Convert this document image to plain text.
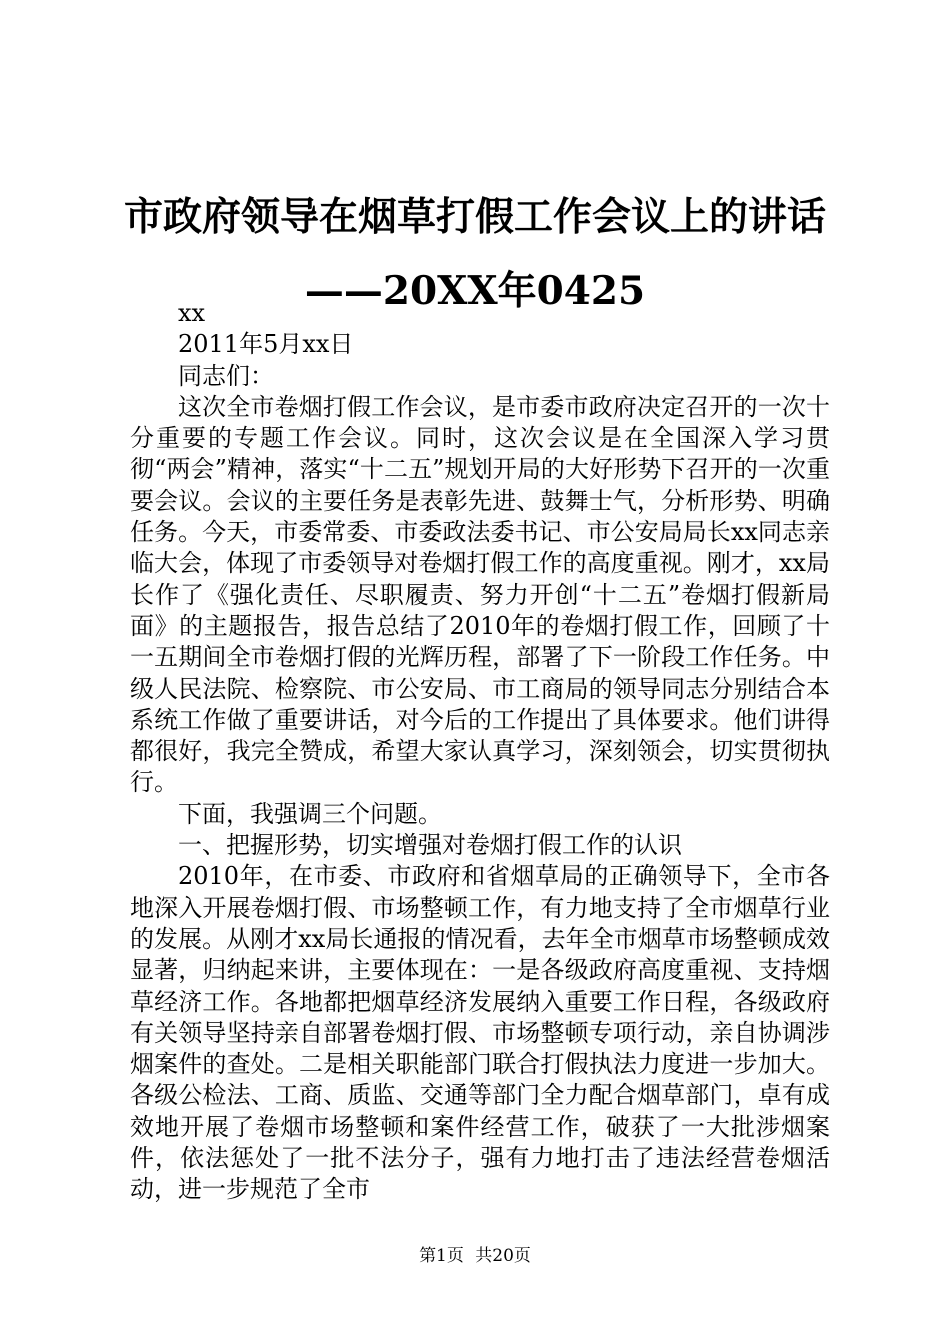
市政府领导在烟草打假工作会议上的讲话——20XX年0425

xx

2011年5月xx日

同志们：

这次全市卷烟打假工作会议，是市委市政府决定召开的一次十分重要的专题工作会议。同时，这次会议是在全国深入学习贯彻“两会”精神，落实“十二五”规划开局的大好形势下召开的一次重要会议。会议的主要任务是表彰先进、鼓舞士气，分析形势、明确任务。今天，市委常委、市委政法委书记、市公安局局长xx同志亲临大会，体现了市委领导对卷烟打假工作的高度重视。刚才，xx局长作了《强化责任、尽职履责、努力开创“十二五”卷烟打假新局面》的主题报告，报告总结了2010年的卷烟打假工作，回顾了十一五期间全市卷烟打假的光辉历程，部署了下一阶段工作任务。中级人民法院、检察院、市公安局、市工商局的领导同志分别结合本系统工作做了重要讲话，对今后的工作提出了具体要求。他们讲得都很好，我完全赞成，希望大家认真学习，深刻领会，切实贯彻执行。

下面，我强调三个问题。

一、把握形势，切实增强对卷烟打假工作的认识

2010年，在市委、市政府和省烟草局的正确领导下，全市各地深入开展卷烟打假、市场整顿工作，有力地支持了全市烟草行业的发展。从刚才xx局长通报的情况看，去年全市烟草市场整顿成效显著，归纳起来讲，主要体现在：一是各级政府高度重视、支持烟草经济工作。各地都把烟草经济发展纳入重要工作日程，各级政府有关领导坚持亲自部署卷烟打假、市场整顿专项行动，亲自协调涉烟案件的查处。二是相关职能部门联合打假执法力度进一步加大。各级公检法、工商、质监、交通等部门全力配合烟草部门，卓有成效地开展了卷烟市场整顿和案件经营工作，破获了一大批涉烟案件，依法惩处了一批不法分子，强有力地打击了违法经营卷烟活动，进一步规范了全市

第1页 共20页
